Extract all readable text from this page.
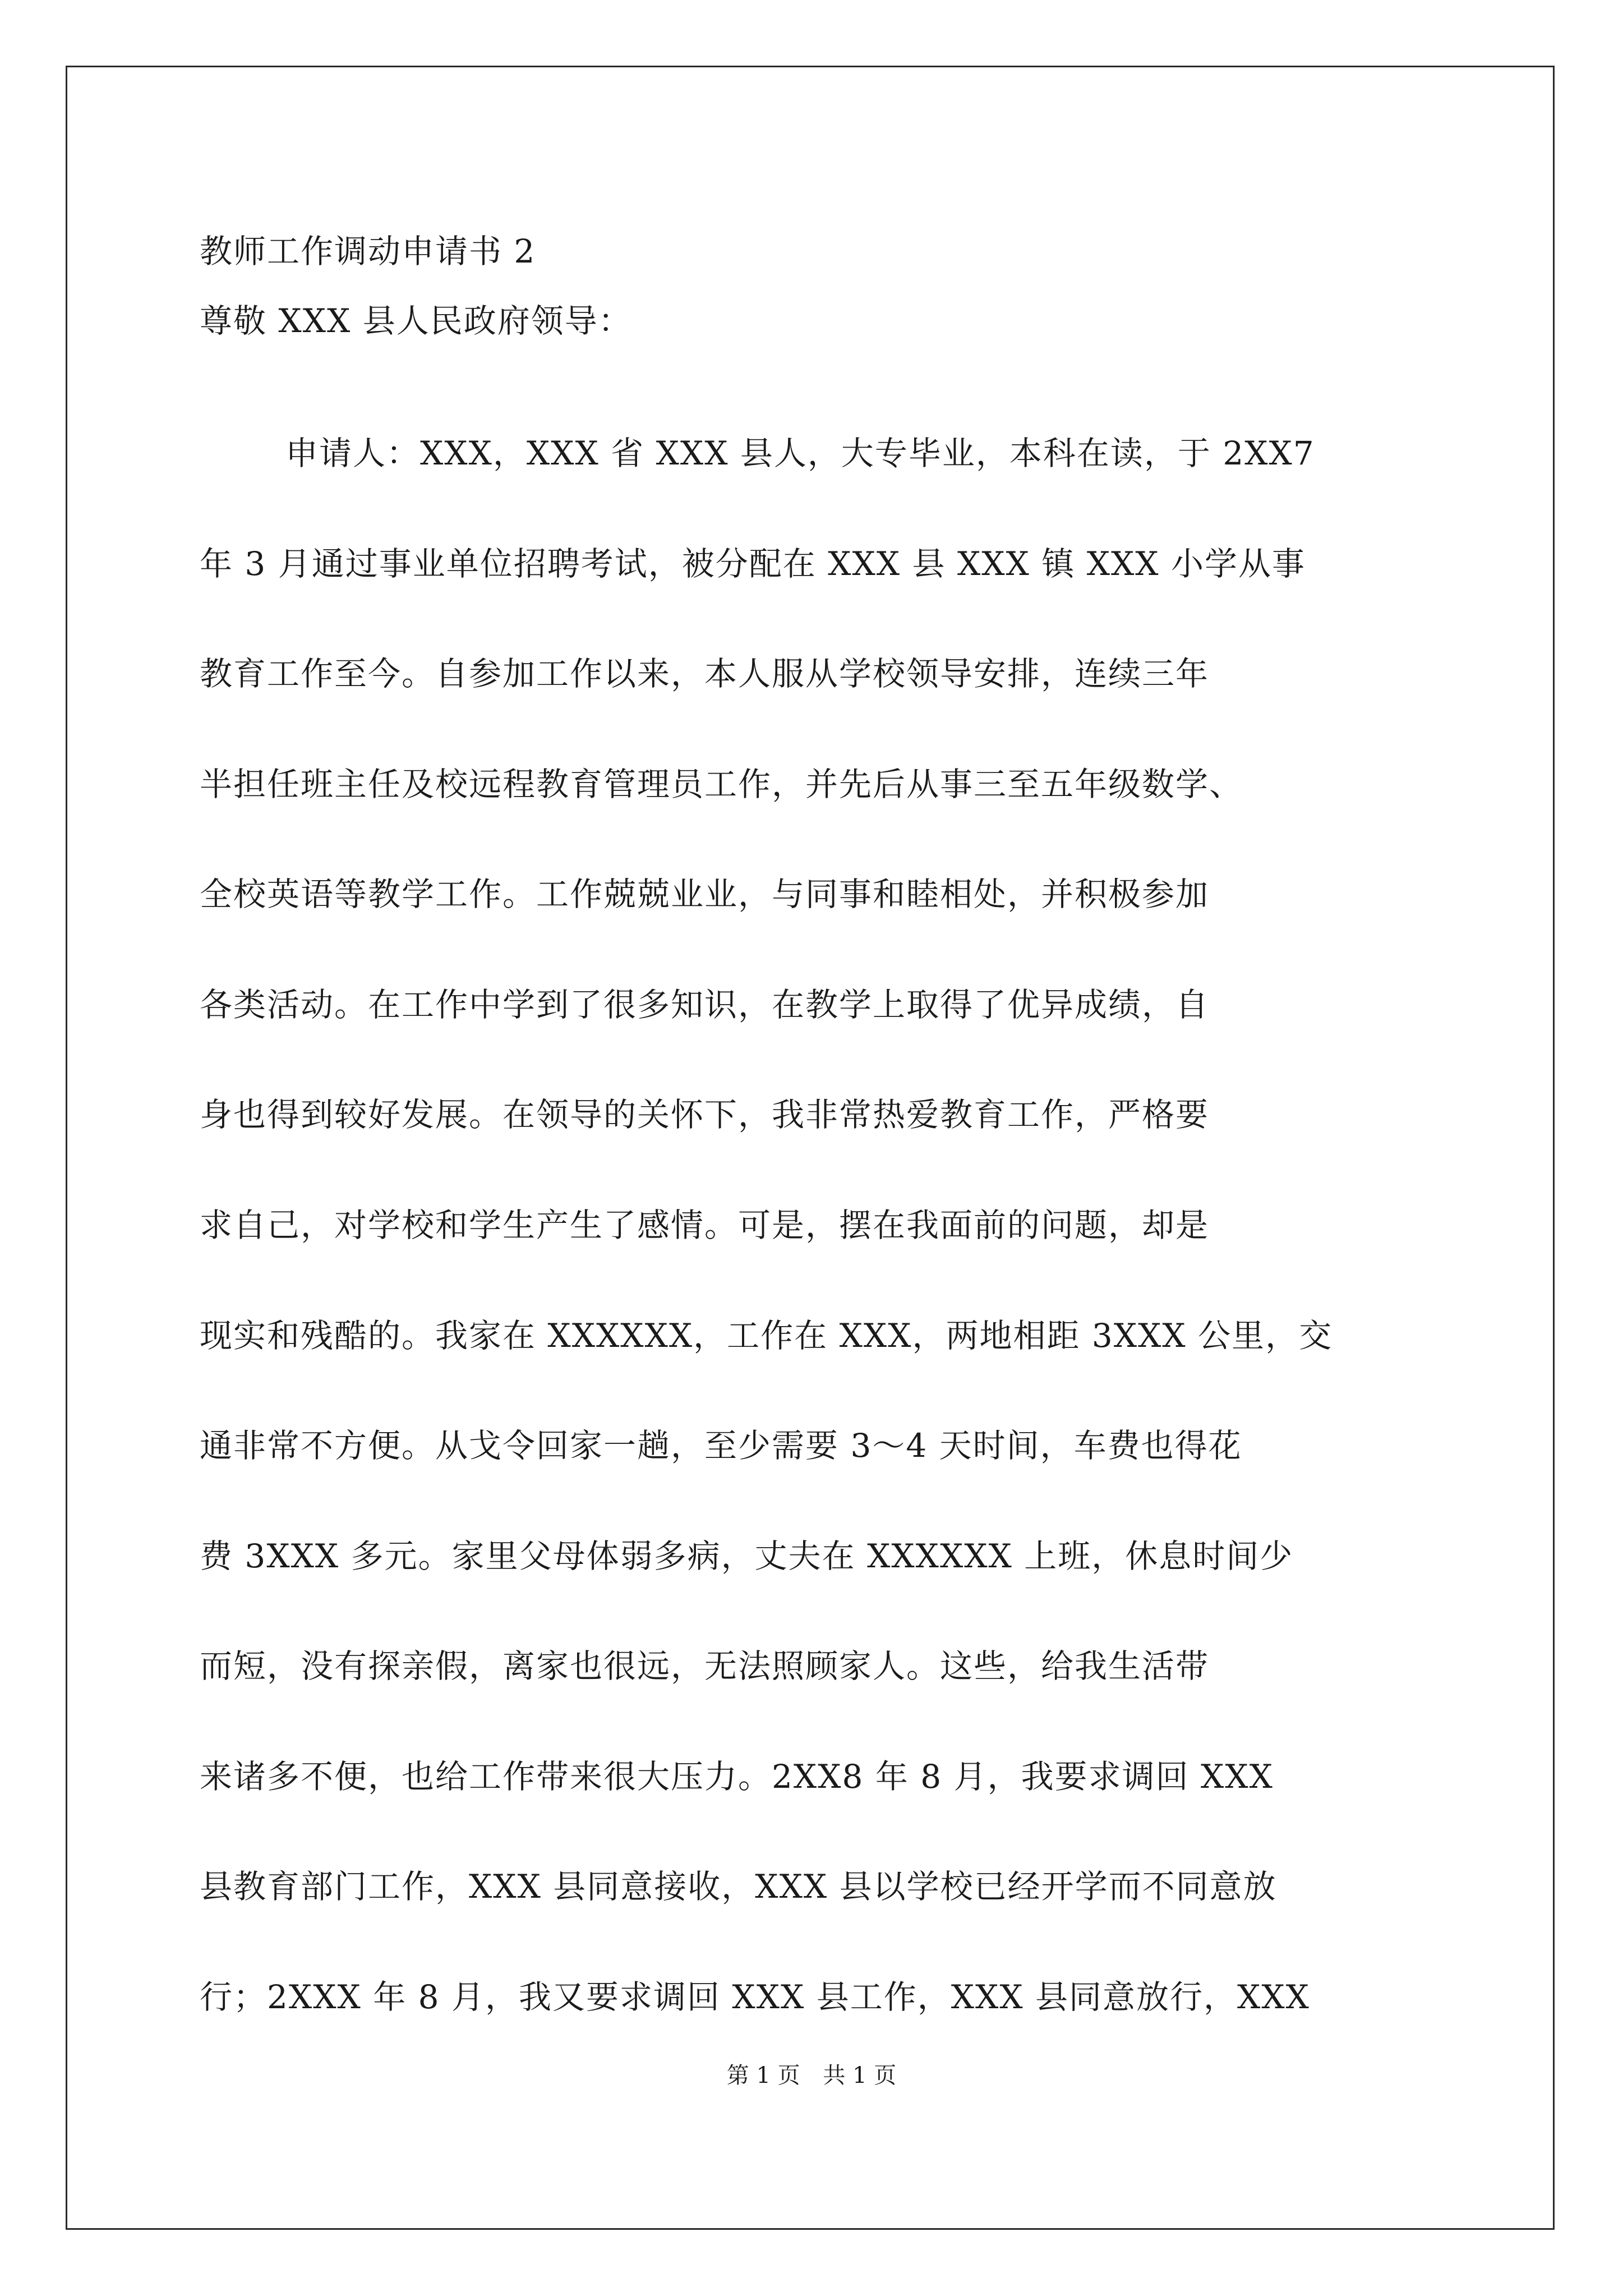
教师工作调动申请书 2
尊敬 XXX 县人民政府领导：
申请人：XXX，XXX 省 XXX 县人，大专毕业，本科在读，于 2XX7
年 3 月通过事业单位招聘考试，被分配在 XXX 县 XXX 镇 XXX 小学从事
教育工作至今。自参加工作以来，本人服从学校领导安排，连续三年
半担任班主任及校远程教育管理员工作，并先后从事三至五年级数学、
全校英语等教学工作。工作兢兢业业，与同事和睦相处，并积极参加
各类活动。在工作中学到了很多知识，在教学上取得了优异成绩，自
身也得到较好发展。在领导的关怀下，我非常热爱教育工作，严格要
求自己，对学校和学生产生了感情。可是，摆在我面前的问题，却是
现实和残酷的。我家在 XXXXXX，工作在 XXX，两地相距 3XXX 公里，交
通非常不方便。从戈令回家一趟，至少需要 3～4 天时间，车费也得花
费 3XXX 多元。家里父母体弱多病，丈夫在 XXXXXX 上班，休息时间少
而短，没有探亲假，离家也很远，无法照顾家人。这些，给我生活带
来诸多不便，也给工作带来很大压力。2XX8 年 8 月，我要求调回 XXX
县教育部门工作，XXX 县同意接收，XXX 县以学校已经开学而不同意放
行；2XXX 年 8 月，我又要求调回 XXX 县工作，XXX 县同意放行，XXX
第 1 页 共 1 页
